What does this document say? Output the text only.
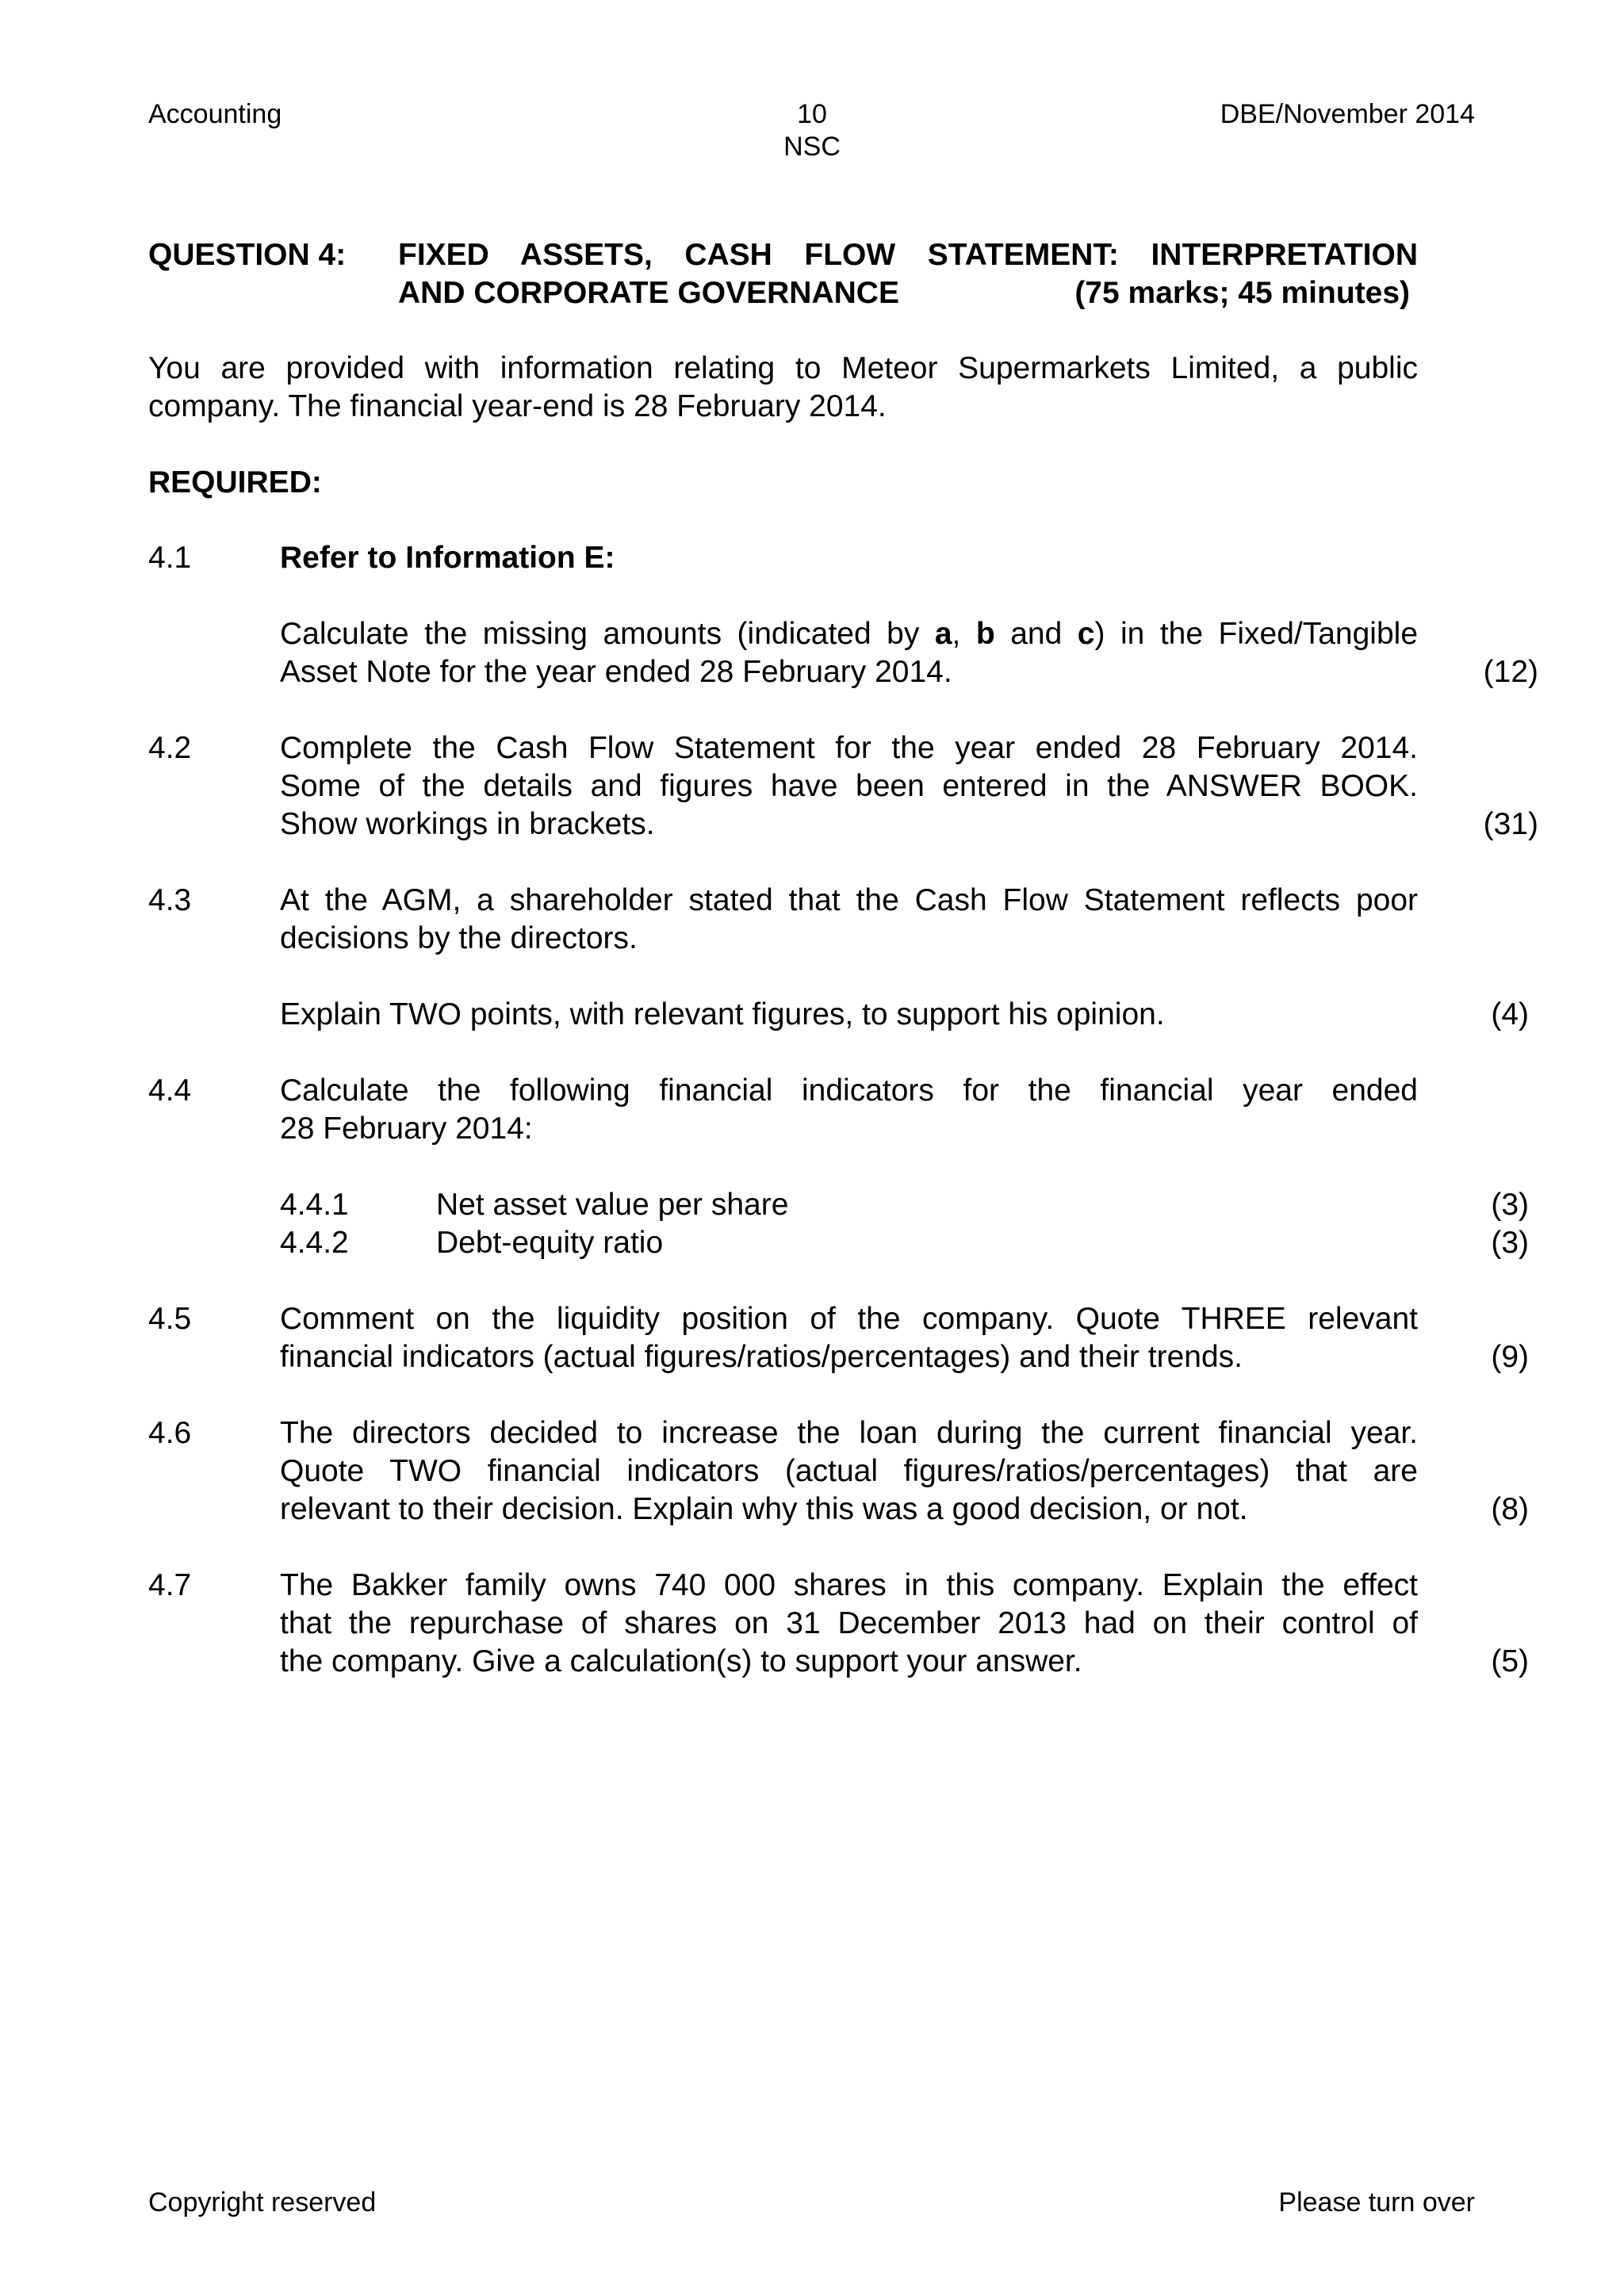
Accounting	10
NSC
DBE/November 2014
QUESTION 4: FIXED ASSETS, CASH FLOW STATEMENT: INTERPRETATION
AND CORPORATE GOVERNANCE	(75 marks; 45 minutes)
You are provided with information relating to Meteor Supermarkets Limited, a public
company. The financial year-end is 28 February 2014.
REQUIRED:
4.1	Refer to Information E:
Calculate the missing amounts (indicated by a, b and c) in the Fixed/Tangible
Asset Note for the year ended 28 February 2014.	(12)
4.2	Complete the Cash Flow Statement for the year ended 28 February 2014.
Some of the details and figures have been entered in the ANSWER BOOK.
Show workings in brackets.	(31)
4.3	At the AGM, a shareholder stated that the Cash Flow Statement reflects poor
decisions by the directors.
Explain TWO points, with relevant figures, to support his opinion.	(4)
4.4	Calculate the following financial indicators for the financial year ended
28 February 2014:
4.4.1	Net asset value per share	(3)
4.4.2	Debt-equity ratio	(3)
4.5	Comment on the liquidity position of the company. Quote THREE relevant
financial indicators (actual figures/ratios/percentages) and their trends.	(9)
4.6	The directors decided to increase the loan during the current financial year.
Quote TWO financial indicators (actual figures/ratios/percentages) that are
relevant to their decision. Explain why this was a good decision, or not.	(8)
4.7	The Bakker family owns 740 000 shares in this company. Explain the effect
that the repurchase of shares on 31 December 2013 had on their control of
the company. Give a calculation(s) to support your answer.	(5)
Copyright reserved	Please turn over
